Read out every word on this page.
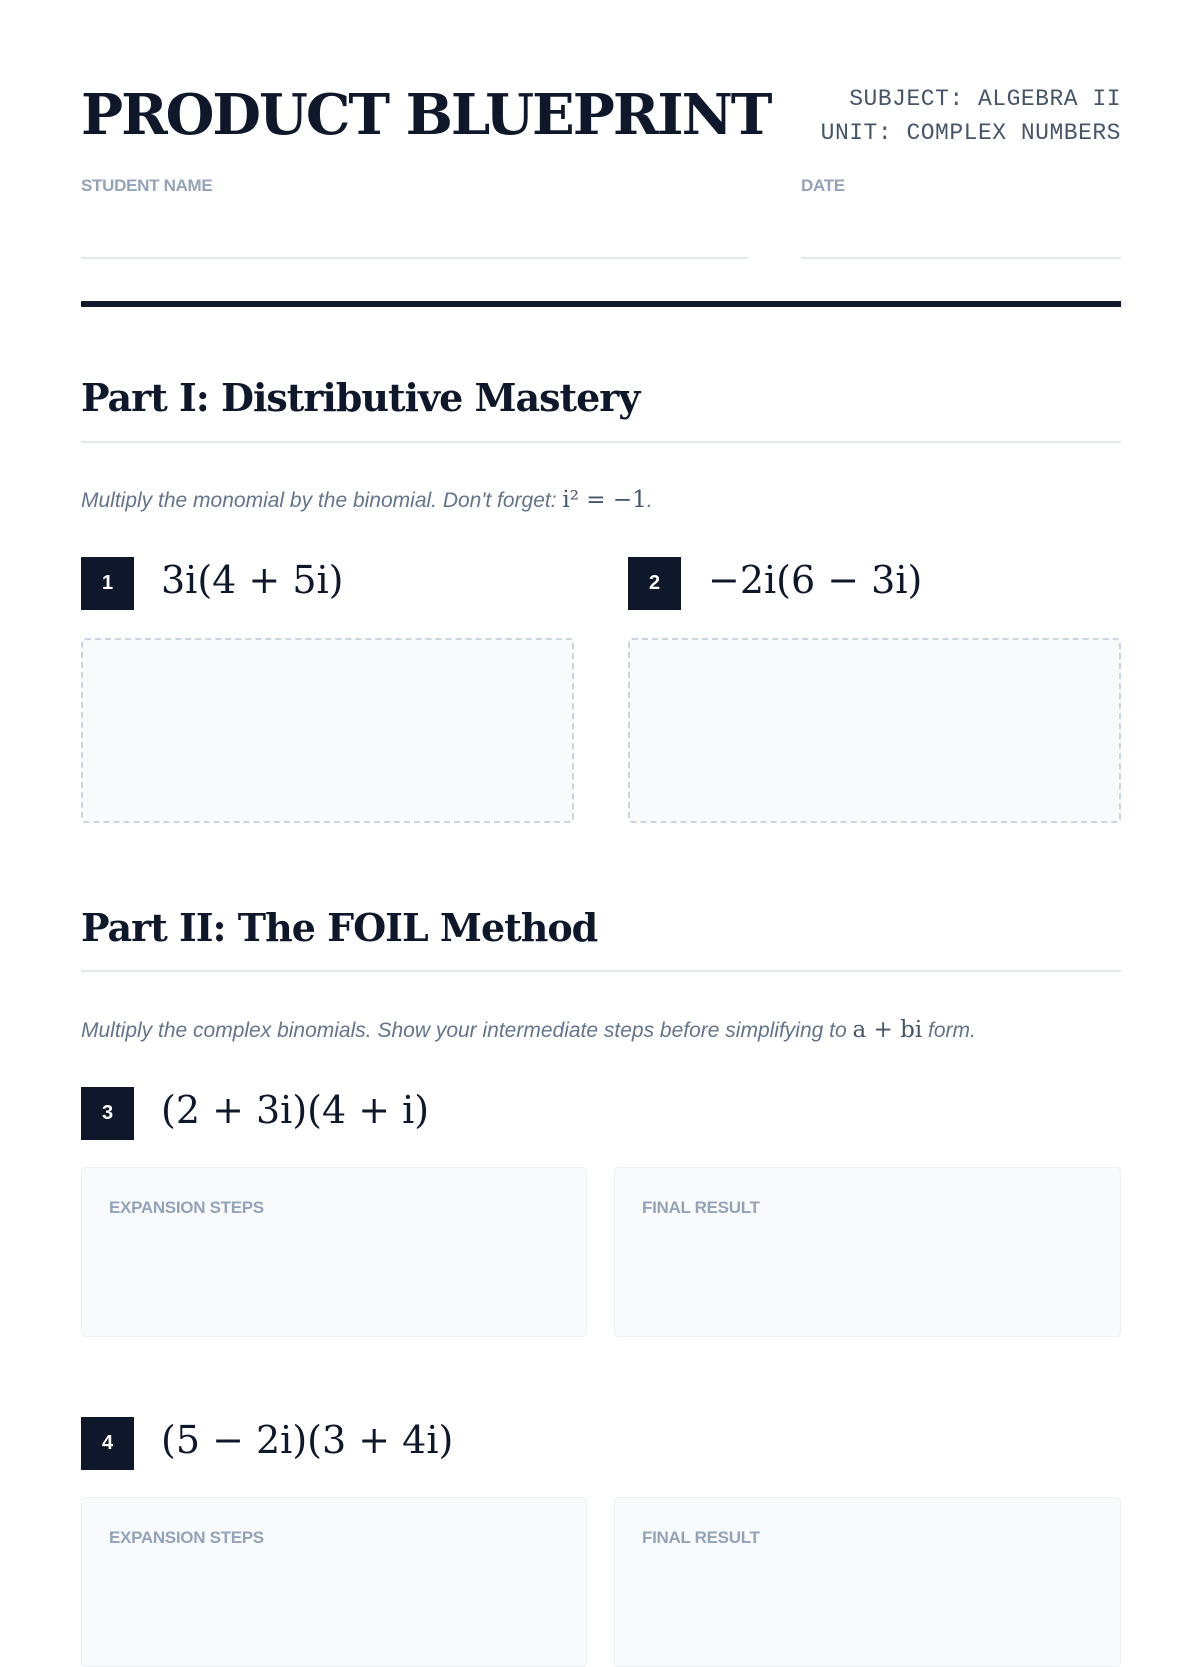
PRODUCT BLUEPRINT	SUBJECT: ALGEBRA II
UNIT: COMPLEX NUMBERS
STUDENT NAME	DATE
Part I: Distributive Mastery
Multiply the monomial by the binomial. Don't forget: i² = −1.
1	3i(4 + 5i)	2	−2i(6 − 3i)
Part II: The FOIL Method
Multiply the complex binomials. Show your intermediate steps before simplifying to a + bi form.
3	(2 + 3i)(4 + i)
EXPANSION STEPS	FINAL RESULT
4	(5 − 2i)(3 + 4i)
EXPANSION STEPS	FINAL RESULT
